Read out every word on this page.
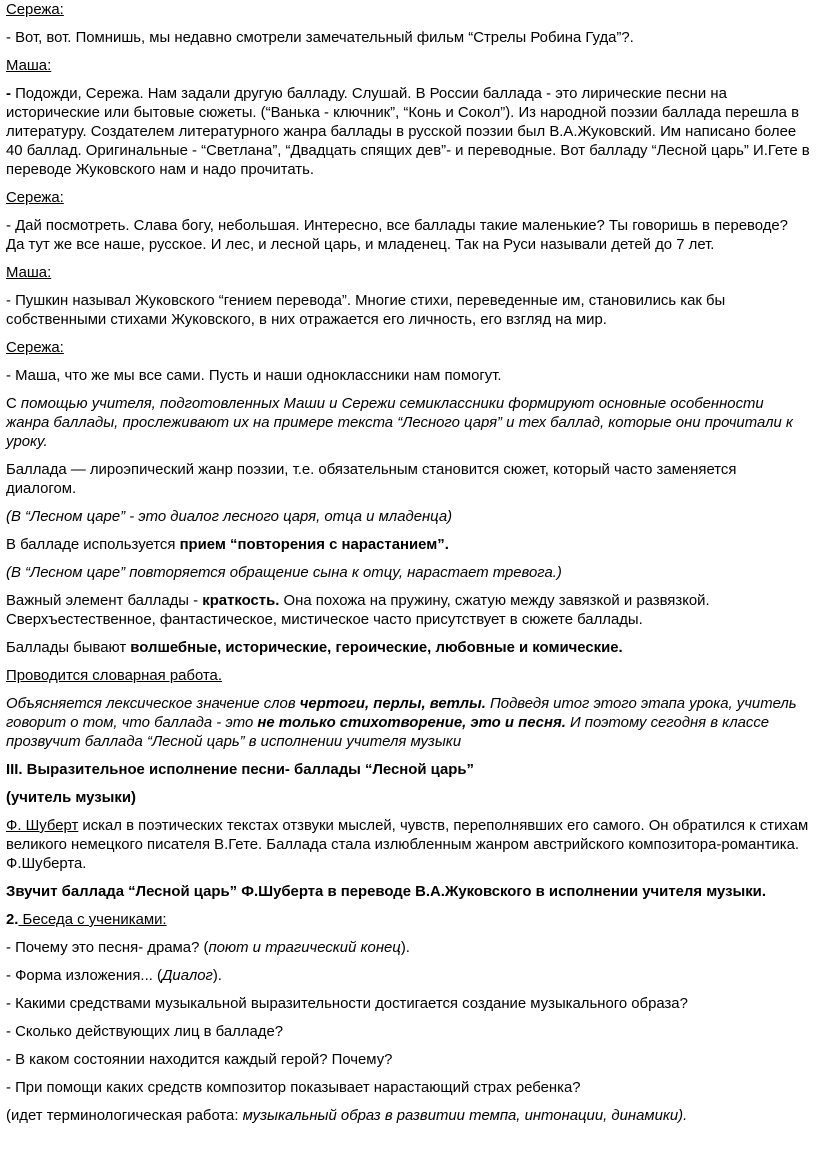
Сережа:

- Вот, вот. Помнишь, мы недавно смотрели замечательный фильм “Стрелы Робина Гуда”?.

Маша:

- Подожди, Сережа. Нам задали другую балладу. Слушай. В России баллада - это лирические песни на исторические или бытовые сюжеты. (“Ванька - ключник”, “Конь и Сокол”). Из народной поэзии баллада перешла в литературу. Создателем литературного жанра баллады в русской поэзии был В.А.Жуковский. Им написано более 40 баллад. Оригинальные - “Светлана”, “Двадцать спящих дев”- и переводные. Вот балладу “Лесной царь” И.Гете в переводе Жуковского нам и надо прочитать.

Сережа:

- Дай посмотреть. Слава богу, небольшая. Интересно, все баллады такие маленькие? Ты говоришь в переводе? Да тут же все наше, русское. И лес, и лесной царь, и младенец. Так на Руси называли детей до 7 лет.

Маша:

- Пушкин называл Жуковского “гением перевода”. Многие стихи, переведенные им, становились как бы собственными стихами Жуковского, в них отражается его личность, его взгляд на мир.

Сережа:

- Маша, что же мы все сами. Пусть и наши одноклассники нам помогут.

С помощью учителя, подготовленных Маши и Сережи семиклассники формируют основные особенности жанра баллады, прослеживают их на примере текста “Лесного царя” и тех баллад, которые они прочитали к уроку.

Баллада — лироэпический жанр поэзии, т.е. обязательным становится сюжет, который часто заменяется диалогом.

(В “Лесном царе” - это диалог лесного царя, отца и младенца)

В балладе используется прием “повторения с нарастанием”.

(В “Лесном царе” повторяется обращение сына к отцу, нарастает тревога.)

Важный элемент баллады - краткость. Она похожа на пружину, сжатую между завязкой и развязкой. Сверхъестественное, фантастическое, мистическое часто присутствует в сюжете баллады.

Баллады бывают волшебные, исторические, героические, любовные и комические.

Проводится словарная работа.

Объясняется лексическое значение слов чертоги, перлы, ветлы. Подведя итог этого этапа урока, учитель говорит о том, что баллада - это не только стихотворение, это и песня. И поэтому сегодня в классе прозвучит баллада “Лесной царь” в исполнении учителя музыки

III. Выразительное исполнение песни- баллады “Лесной царь”

(учитель музыки)

Ф. Шуберт искал в поэтических текстах отзвуки мыслей, чувств, переполнявших его самого. Он обратился к стихам великого немецкого писателя В.Гете. Баллада стала излюбленным жанром австрийского композитора-романтика. Ф.Шуберта.

Звучит баллада “Лесной царь” Ф.Шуберта в переводе В.А.Жуковского в исполнении учителя музыки.

2. Беседа с учениками:

- Почему это песня- драма? (поют и трагический конец).

- Форма изложения... (Диалог).

- Какими средствами музыкальной выразительности достигается создание музыкального образа?

- Сколько действующих лиц в балладе?

- В каком состоянии находится каждый герой? Почему?

- При помощи каких средств композитор показывает нарастающий страх ребенка?

(идет терминологическая работа: музыкальный образ в развитии темпа, интонации, динамики).
